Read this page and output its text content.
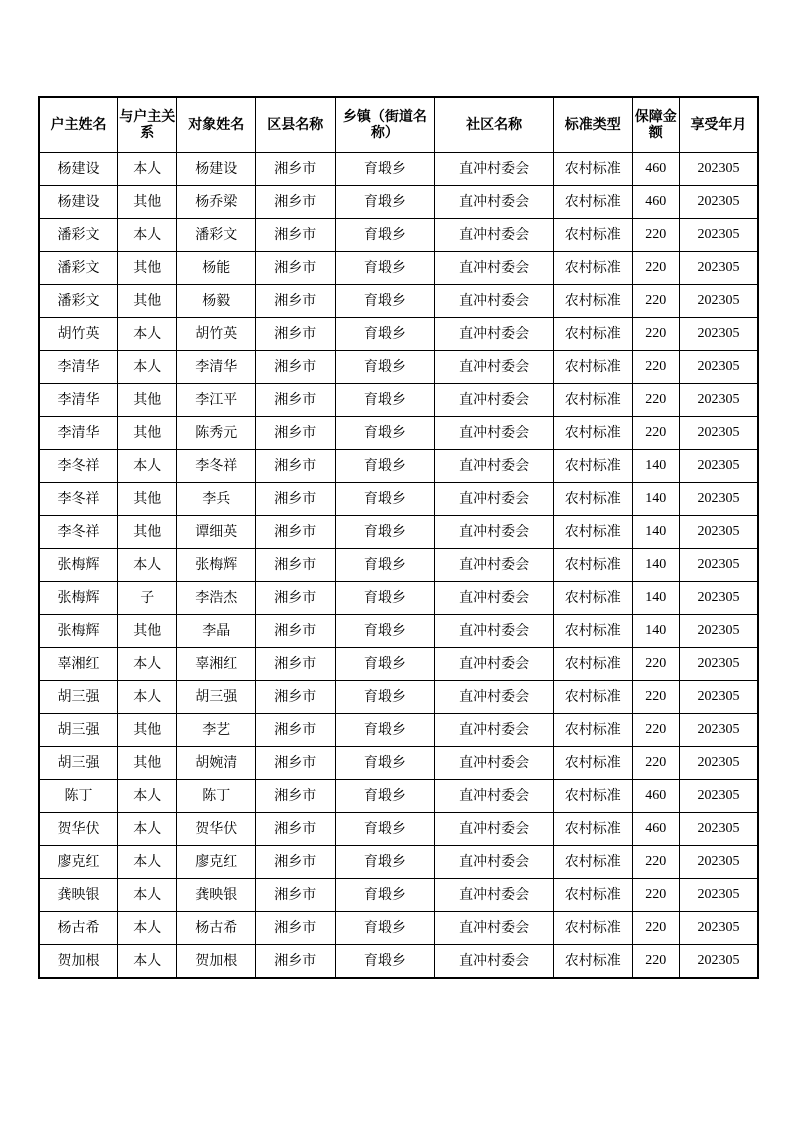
户主姓名	与户主关系	对象姓名	区县名称	乡镇（街道名称）	社区名称	标准类型	保障金额	享受年月
杨建设	本人	杨建设	湘乡市	育塅乡	直冲村委会	农村标准	460	202305
杨建设	其他	杨乔梁	湘乡市	育塅乡	直冲村委会	农村标准	460	202305
潘彩文	本人	潘彩文	湘乡市	育塅乡	直冲村委会	农村标准	220	202305
潘彩文	其他	杨能	湘乡市	育塅乡	直冲村委会	农村标准	220	202305
潘彩文	其他	杨毅	湘乡市	育塅乡	直冲村委会	农村标准	220	202305
胡竹英	本人	胡竹英	湘乡市	育塅乡	直冲村委会	农村标准	220	202305
李清华	本人	李清华	湘乡市	育塅乡	直冲村委会	农村标准	220	202305
李清华	其他	李江平	湘乡市	育塅乡	直冲村委会	农村标准	220	202305
李清华	其他	陈秀元	湘乡市	育塅乡	直冲村委会	农村标准	220	202305
李冬祥	本人	李冬祥	湘乡市	育塅乡	直冲村委会	农村标准	140	202305
李冬祥	其他	李兵	湘乡市	育塅乡	直冲村委会	农村标准	140	202305
李冬祥	其他	谭细英	湘乡市	育塅乡	直冲村委会	农村标准	140	202305
张梅辉	本人	张梅辉	湘乡市	育塅乡	直冲村委会	农村标准	140	202305
张梅辉	子	李浩杰	湘乡市	育塅乡	直冲村委会	农村标准	140	202305
张梅辉	其他	李晶	湘乡市	育塅乡	直冲村委会	农村标准	140	202305
辜湘红	本人	辜湘红	湘乡市	育塅乡	直冲村委会	农村标准	220	202305
胡三强	本人	胡三强	湘乡市	育塅乡	直冲村委会	农村标准	220	202305
胡三强	其他	李艺	湘乡市	育塅乡	直冲村委会	农村标准	220	202305
胡三强	其他	胡婉清	湘乡市	育塅乡	直冲村委会	农村标准	220	202305
陈丁	本人	陈丁	湘乡市	育塅乡	直冲村委会	农村标准	460	202305
贺华伏	本人	贺华伏	湘乡市	育塅乡	直冲村委会	农村标准	460	202305
廖克红	本人	廖克红	湘乡市	育塅乡	直冲村委会	农村标准	220	202305
龚映银	本人	龚映银	湘乡市	育塅乡	直冲村委会	农村标准	220	202305
杨古希	本人	杨古希	湘乡市	育塅乡	直冲村委会	农村标准	220	202305
贺加根	本人	贺加根	湘乡市	育塅乡	直冲村委会	农村标准	220	202305
